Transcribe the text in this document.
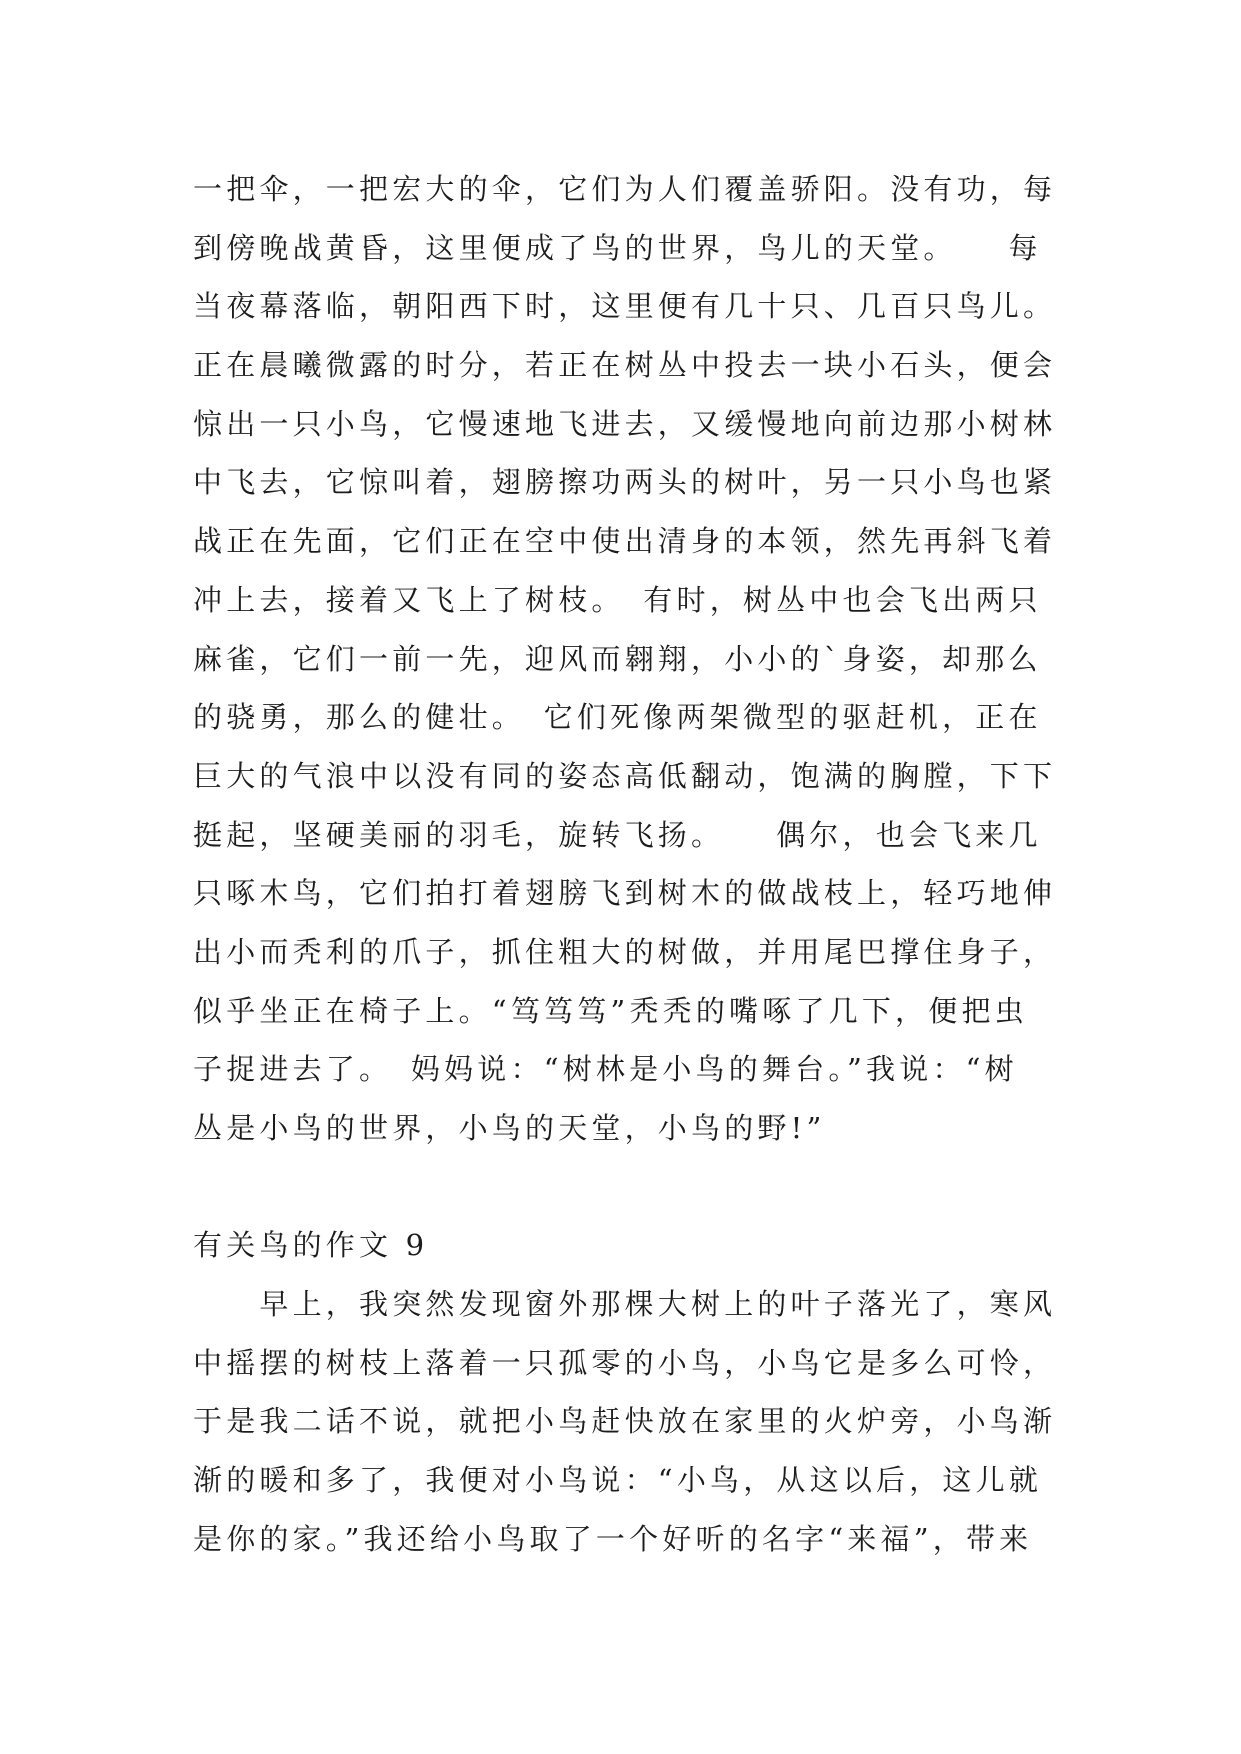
一把伞，一把宏大的伞，它们为人们覆盖骄阳。没有功，每
到傍晚战黄昏，这里便成了鸟的世界，鸟儿的天堂。　　每
当夜幕落临，朝阳西下时，这里便有几十只、几百只鸟儿。
正在晨曦微露的时分，若正在树丛中投去一块小石头，便会
惊出一只小鸟，它慢速地飞进去，又缓慢地向前边那小树林
中飞去，它惊叫着，翅膀擦功两头的树叶，另一只小鸟也紧
战正在先面，它们正在空中使出清身的本领，然先再斜飞着
冲上去，接着又飞上了树枝。　有时，树丛中也会飞出两只
麻雀，它们一前一先，迎风而翱翔，小小的`身姿，却那么
的骁勇，那么的健壮。　它们死像两架微型的驱赶机，正在
巨大的气浪中以没有同的姿态高低翻动，饱满的胸膛，下下
挺起，坚硬美丽的羽毛，旋转飞扬。　　偶尔，也会飞来几
只啄木鸟，它们拍打着翅膀飞到树木的做战枝上，轻巧地伸
出小而秃利的爪子，抓住粗大的树做，并用尾巴撑住身子，
似乎坐正在椅子上。“笃笃笃”秃秃的嘴啄了几下，便把虫
子捉进去了。　妈妈说：“树林是小鸟的舞台。”我说：“树
丛是小鸟的世界，小鸟的天堂，小鸟的野!”
有关鸟的作文 9
　　早上，我突然发现窗外那棵大树上的叶子落光了，寒风
中摇摆的树枝上落着一只孤零的小鸟，小鸟它是多么可怜，
于是我二话不说，就把小鸟赶快放在家里的火炉旁，小鸟渐
渐的暖和多了，我便对小鸟说：“小鸟，从这以后，这儿就
是你的家。”我还给小鸟取了一个好听的名字“来福”，带来
